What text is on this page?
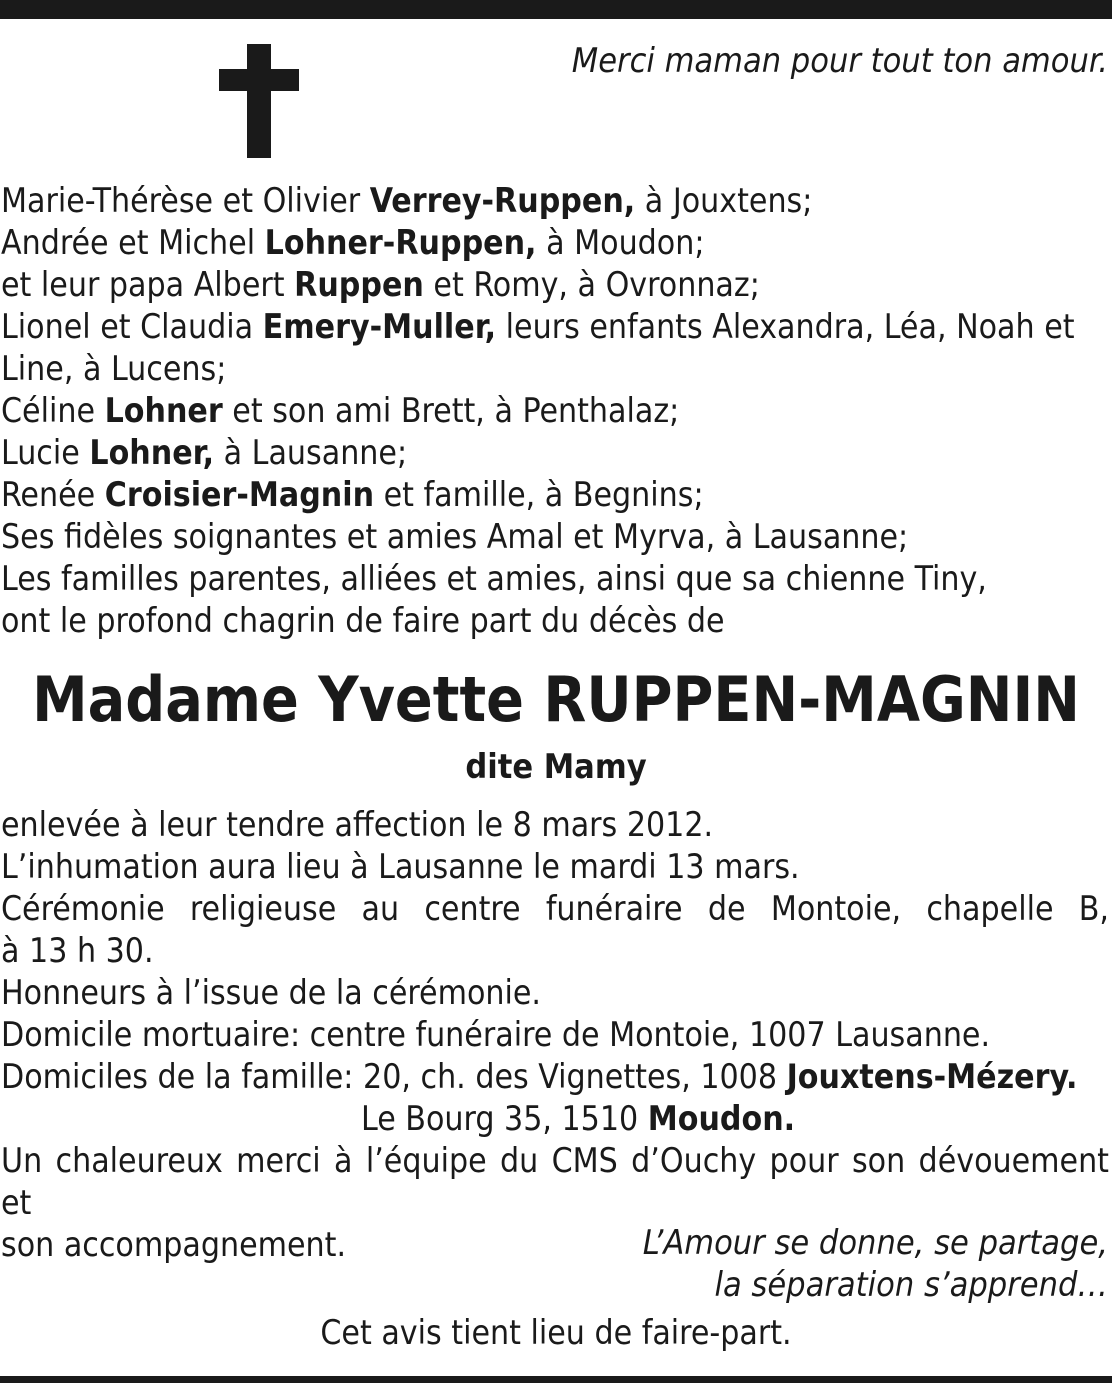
Merci maman pour tout ton amour.
Marie-Thérèse et Olivier Verrey-Ruppen, à Jouxtens;
Andrée et Michel Lohner-Ruppen, à Moudon;
et leur papa Albert Ruppen et Romy, à Ovronnaz;
Lionel et Claudia Emery-Muller, leurs enfants Alexandra, Léa, Noah et
Line, à Lucens;
Céline Lohner et son ami Brett, à Penthalaz;
Lucie Lohner, à Lausanne;
Renée Croisier-Magnin et famille, à Begnins;
Ses fidèles soignantes et amies Amal et Myrva, à Lausanne;
Les familles parentes, alliées et amies, ainsi que sa chienne Tiny,
ont le profond chagrin de faire part du décès de
Madame Yvette RUPPEN-MAGNIN
dite Mamy
enlevée à leur tendre affection le 8 mars 2012.
L’inhumation aura lieu à Lausanne le mardi 13 mars.
Cérémonie religieuse au centre funéraire de Montoie, chapelle B,
à 13 h 30.
Honneurs à l’issue de la cérémonie.
Domicile mortuaire: centre funéraire de Montoie, 1007 Lausanne.
Domiciles de la famille: 20, ch. des Vignettes, 1008 Jouxtens-Mézery.
Le Bourg 35, 1510 Moudon.
Un chaleureux merci à l’équipe du CMS d’Ouchy pour son dévouement et
son accompagnement.	L’Amour se donne, se partage,
la séparation s’apprend…
Cet avis tient lieu de faire-part.
